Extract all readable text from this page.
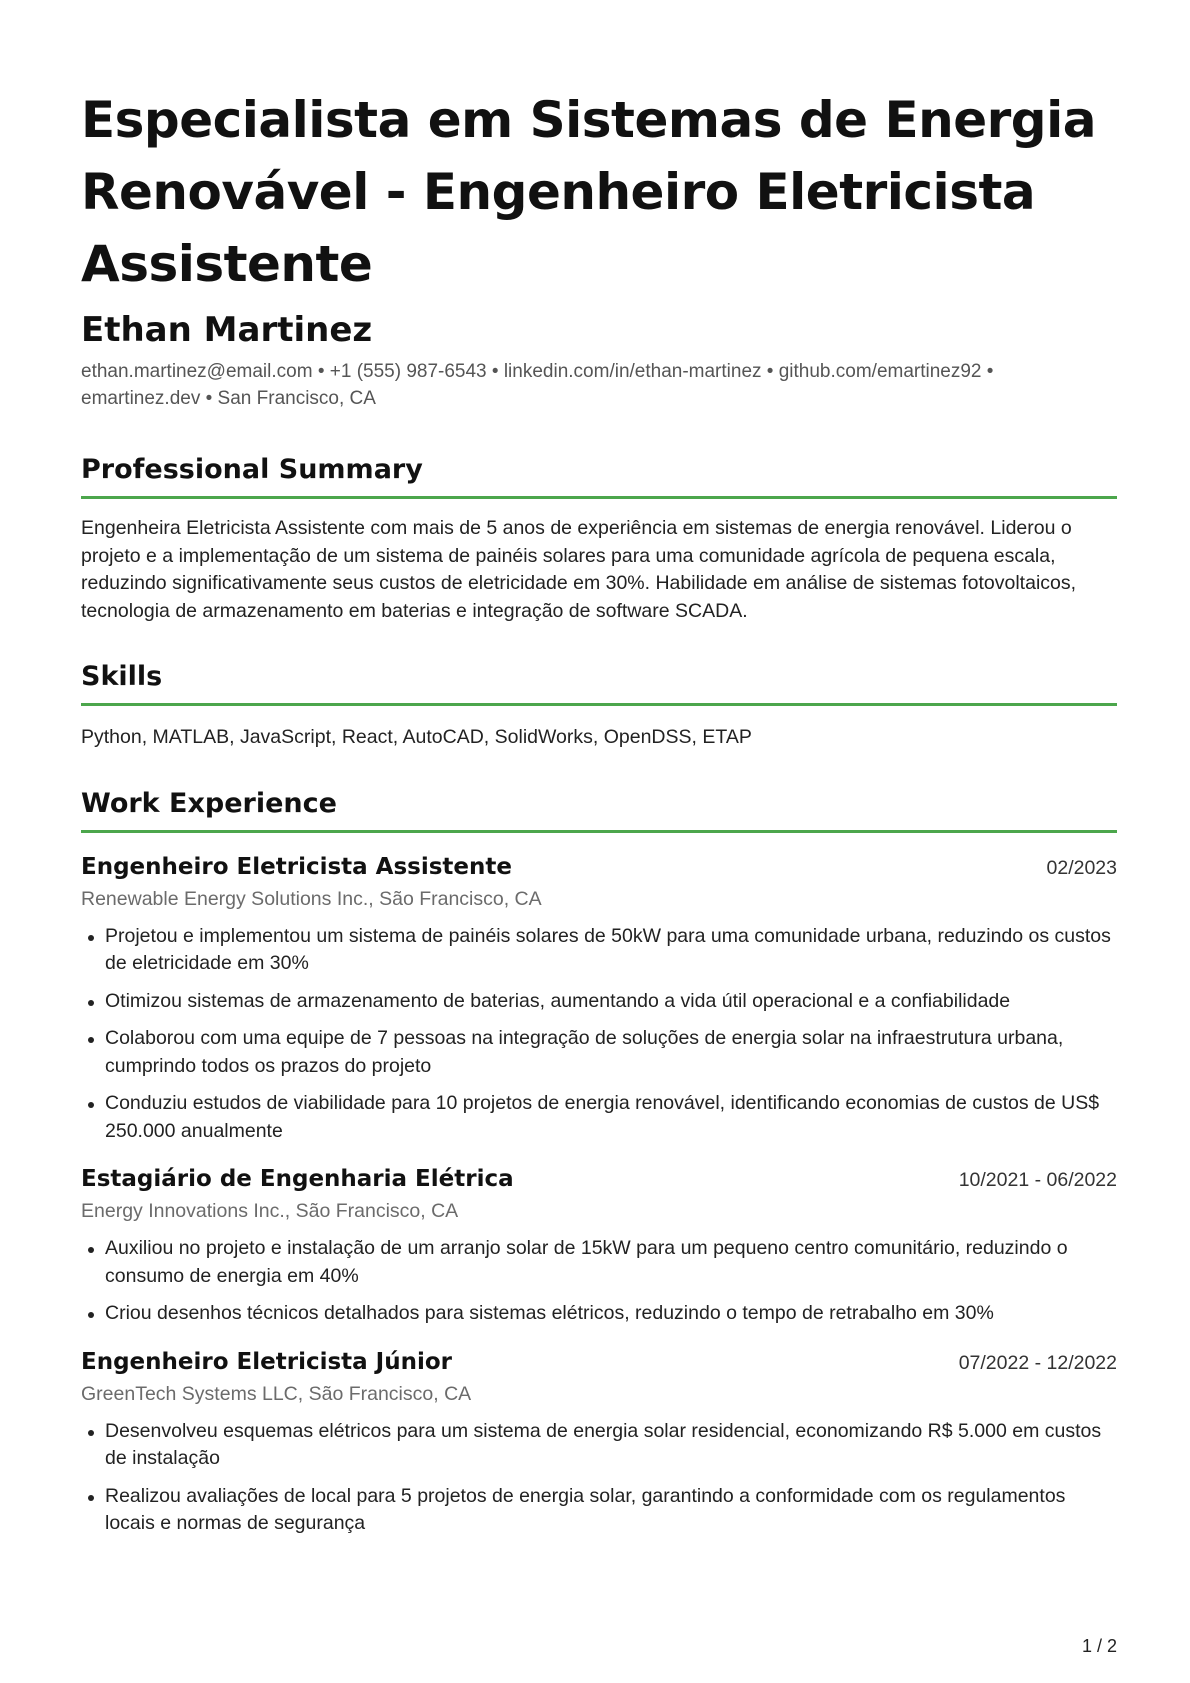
Especialista em Sistemas de Energia Renovável - Engenheiro Eletricista Assistente
Ethan Martinez
ethan.martinez@email.com • +1 (555) 987-6543 • linkedin.com/in/ethan-martinez • github.com/emartinez92 • emartinez.dev • San Francisco, CA
Professional Summary
Engenheira Eletricista Assistente com mais de 5 anos de experiência em sistemas de energia renovável. Liderou o projeto e a implementação de um sistema de painéis solares para uma comunidade agrícola de pequena escala, reduzindo significativamente seus custos de eletricidade em 30%. Habilidade em análise de sistemas fotovoltaicos, tecnologia de armazenamento em baterias e integração de software SCADA.
Skills
Python, MATLAB, JavaScript, React, AutoCAD, SolidWorks, OpenDSS, ETAP
Work Experience
Engenheiro Eletricista Assistente	02/2023
Renewable Energy Solutions Inc., São Francisco, CA
Projetou e implementou um sistema de painéis solares de 50kW para uma comunidade urbana, reduzindo os custos de eletricidade em 30%
Otimizou sistemas de armazenamento de baterias, aumentando a vida útil operacional e a confiabilidade
Colaborou com uma equipe de 7 pessoas na integração de soluções de energia solar na infraestrutura urbana, cumprindo todos os prazos do projeto
Conduziu estudos de viabilidade para 10 projetos de energia renovável, identificando economias de custos de US$ 250.000 anualmente
Estagiário de Engenharia Elétrica	10/2021 - 06/2022
Energy Innovations Inc., São Francisco, CA
Auxiliou no projeto e instalação de um arranjo solar de 15kW para um pequeno centro comunitário, reduzindo o consumo de energia em 40%
Criou desenhos técnicos detalhados para sistemas elétricos, reduzindo o tempo de retrabalho em 30%
Engenheiro Eletricista Júnior	07/2022 - 12/2022
GreenTech Systems LLC, São Francisco, CA
Desenvolveu esquemas elétricos para um sistema de energia solar residencial, economizando R$ 5.000 em custos de instalação
Realizou avaliações de local para 5 projetos de energia solar, garantindo a conformidade com os regulamentos locais e normas de segurança
1 / 2
